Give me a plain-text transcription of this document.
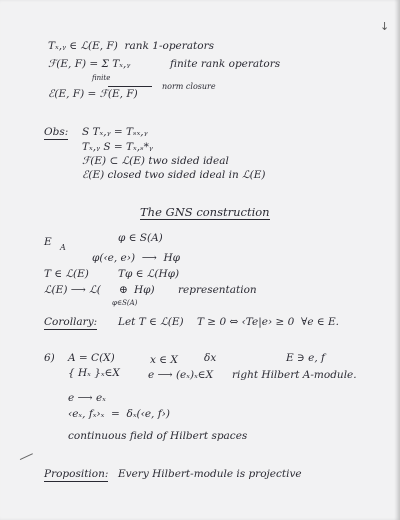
↓
Tₓ,ᵧ ∈ ℒ(E, F)  rank 1-operators
ℱ(E, F) = Σ Tₓ,ᵧ
finite
finite rank operators
ℰ(E, F) = ℱ(E, F)
norm closure
Obs: S Tₓ,ᵧ = Tₛₓ,ᵧ
Tₓ,ᵧ S = Tₓ,ₛ*ᵧ
ℱ(E) ⊂ ℒ(E) two sided ideal
ℰ(E) closed two sided ideal in ℒ(E)
The GNS construction
E A
φ ∈ S(A)
φ(‹e, e›)  ⟶  Hφ
T ∈ ℒ(E)	Tφ ∈ ℒ(Hφ)
ℒ(E) ⟶ ℒ( ⊕ Hφ)
φ∈S(A)
representation
Corollary: Let T ∈ ℒ(E)    T ≥ 0 ⇔ ‹Te|e› ≥ 0  ∀e ∈ E.
6) A = C(X)	x ∈ X δx	E ∋ e, f
{ Hₓ }ₓ∈X	e ⟶ (eₓ)ₓ∈X right Hilbert A-module.
e ⟶ eₓ
‹eₓ, fₓ›ₓ  =  δₓ(‹e, f›)
continuous field of Hilbert spaces
Proposition: Every Hilbert-module is projective
